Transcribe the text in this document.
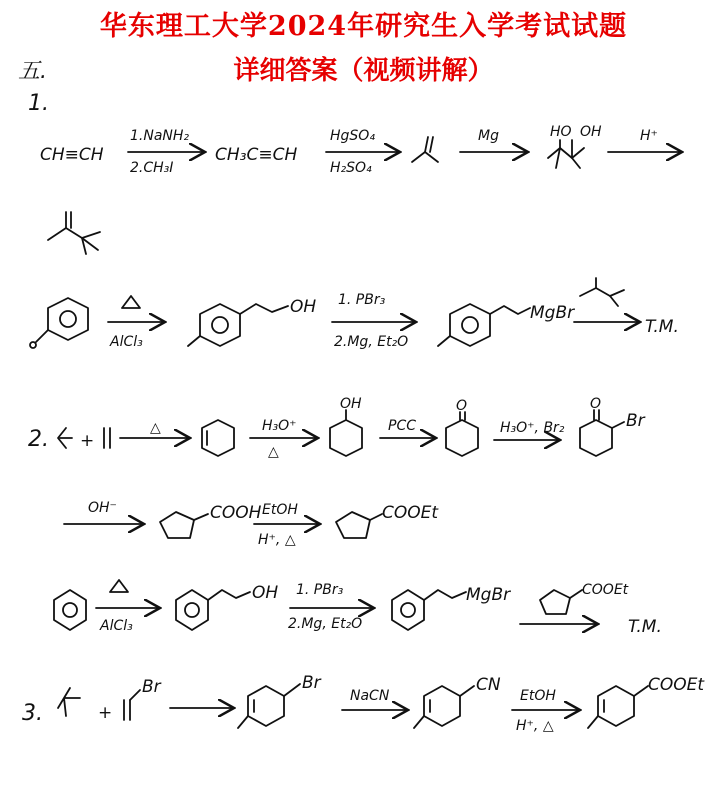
华东理工大学2024年研究生入学考试试题
详细答案（视频讲解）
五.
1.
CH≡CH
1.NaNH₂
2.CH₃I
CH₃C≡CH
HgSO₄
H₂SO₄
Mg	HO OH	H⁺
AlCl₃
OH 1. PBr₃
2.Mg, Et₂O
MgBr
T.M.
2. +
△	H₃O⁺
△
OH
PCC
O
H₃O⁺, Br₂
O
Br
OH⁻	COOH EtOH
H⁺, △
COOEt
AlCl₃
OH 1. PBr₃
2.Mg, Et₂O
MgBr	COOEt
T.M.
3.	+
Br	Br
NaCN
CN
EtOH
H⁺, △
COOEt
